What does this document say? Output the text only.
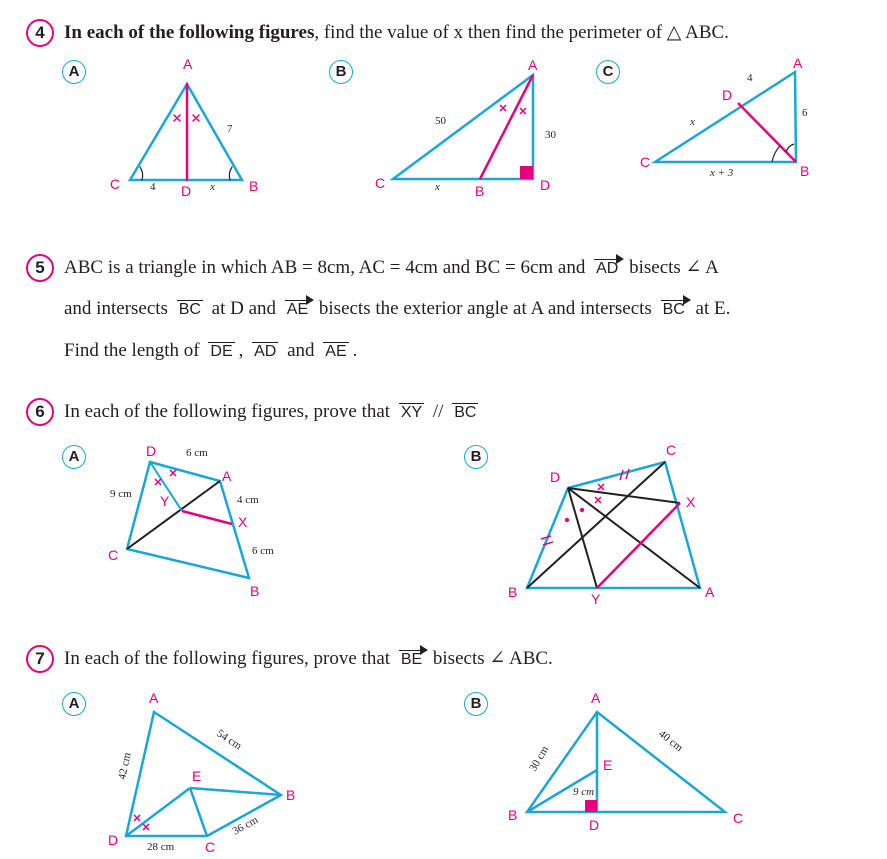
4	In each of the following figures, find the value of x then find the perimeter of △ ABC.
A	B	C
A
C	D	B
7
4	x
A
C	B	D
50
30
x
A
D
C
B
4
6
x
x + 3
D
A
Y
X
C
B
6 cm
9 cm	4 cm
6 cm
C
D
X
B	Y	A
A
E
B
D	C
54 cm
42 cm
36 cm
28 cm
A
E
B
D	C
40 cm
30 cm
9 cm
5	ABC is a triangle in which AB = 8cm, AC = 4cm and BC = 6cm and AD bisects ∠ A
and intersects BC at D and AE bisects the exterior angle at A and intersects BC at E.
Find the length of DE , AD and AE .
6	In each of the following figures, prove that XY // BC
A	B
7	In each of the following figures, prove that BE bisects ∠ ABC.
A	B
